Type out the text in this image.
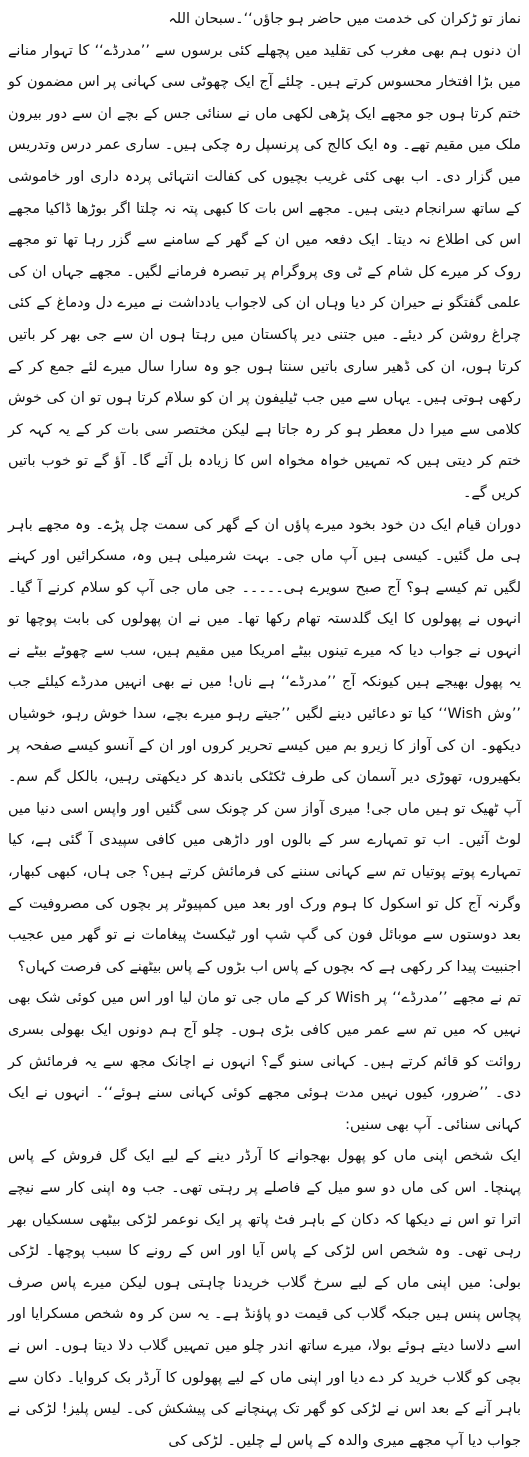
نماز تو ڑکران کی خدمت میں حاضر ہو جاؤں‘‘۔سبحان اللہ

ان دنوں ہم بھی مغرب کی تقلید میں پچھلے کئی برسوں سے ’’مدرڈے‘‘ کا تہوار منانے میں بڑا افتخار محسوس کرتے ہیں۔ چلئے آج ایک چھوٹی سی کہانی پر اس مضمون کو ختم کرتا ہوں جو مجھے ایک پڑھی لکھی ماں نے سنائی جس کے بچے ان سے دور بیرون ملک میں مقیم تھے۔ وہ ایک کالج کی پرنسپل رہ چکی ہیں۔ ساری عمر درس وتدریس میں گزار دی۔ اب بھی کئی غریب بچیوں کی کفالت انتہائی پردہ داری اور خاموشی کے ساتھ سرانجام دیتی ہیں۔ مجھے اس بات کا کبھی پتہ نہ چلتا اگر بوڑھا ڈاکیا مجھے اس کی اطلاع نہ دیتا۔ ایک دفعہ میں ان کے گھر کے سامنے سے گزر رہا تھا تو مجھے روک کر میرے کل شام کے ٹی وی پروگرام پر تبصرہ فرمانے لگیں۔ مجھے جہاں ان کی علمی گفتگو نے حیران کر دیا وہاں ان کی لاجواب یادداشت نے میرے دل ودماغ کے کئی چراغ روشن کر دیئے۔ میں جتنی دیر پاکستان میں رہتا ہوں ان سے جی بھر کر باتیں کرتا ہوں، ان کی ڈھیر ساری باتیں سنتا ہوں جو وہ سارا سال میرے لئے جمع کر کے رکھی ہوتی ہیں۔ یہاں سے میں جب ٹیلیفون پر ان کو سلام کرتا ہوں تو ان کی خوش کلامی سے میرا دل معطر ہو کر رہ جاتا ہے لیکن مختصر سی بات کر کے یہ کہہ کر ختم کر دیتی ہیں کہ تمہیں خواہ مخواہ اس کا زیادہ بل آئے گا۔ آؤ گے تو خوب باتیں کریں گے۔

دوران قیام ایک دن خود بخود میرے پاؤں ان کے گھر کی سمت چل پڑے۔ وہ مجھے باہر ہی مل گئیں۔ کیسی ہیں آپ ماں جی۔ بہت شرمیلی ہیں وہ، مسکرائیں اور کہنے لگیں تم کیسے ہو؟ آج صبح سویرے ہی۔۔۔۔۔ جی ماں جی آپ کو سلام کرنے آ گیا۔ انہوں نے پھولوں کا ایک گلدستہ تھام رکھا تھا۔ میں نے ان پھولوں کی بابت پوچھا تو انہوں نے جواب دیا کہ میرے تینوں بیٹے امریکا میں مقیم ہیں، سب سے چھوٹے بیٹے نے یہ پھول بھیجے ہیں کیونکہ آج ’’مدرڈے‘‘ ہے ناں! میں نے بھی انہیں مدرڈے کیلئے جب ’’وش Wish‘‘ کیا تو دعائیں دینے لگیں ’’جیتے رہو میرے بچے، سدا خوش رہو، خوشیاں دیکھو۔ ان کی آواز کا زیرو بم میں کیسے تحریر کروں اور ان کے آنسو کیسے صفحہ پر بکھیروں، تھوڑی دیر آسمان کی طرف ٹکٹکی باندھ کر دیکھتی رہیں، بالکل گم سم۔ آپ ٹھیک تو ہیں ماں جی! میری آواز سن کر چونک سی گئیں اور واپس اسی دنیا میں لوٹ آئیں۔ اب تو تمہارے سر کے بالوں اور داڑھی میں کافی سپیدی آ گئی ہے، کیا تمہارے پوتے پوتیاں تم سے کہانی سننے کی فرمائش کرتے ہیں؟ جی ہاں، کبھی کبھار، وگرنہ آج کل تو اسکول کا ہوم ورک اور بعد میں کمپیوٹر پر بچوں کی مصروفیت کے بعد دوستوں سے موبائل فون کی گپ شپ اور ٹیکسٹ پیغامات نے تو گھر میں عجیب اجنبیت پیدا کر رکھی ہے کہ بچوں کے پاس اب بڑوں کے پاس بیٹھنے کی فرصت کہاں؟

تم نے مجھے ’’مدرڈے‘‘ پر Wish کر کے ماں جی تو مان لیا اور اس میں کوئی شک بھی نہیں کہ میں تم سے عمر میں کافی بڑی ہوں۔ چلو آج ہم دونوں ایک بھولی بسری روائت کو قائم کرتے ہیں۔ کہانی سنو گے؟ انہوں نے اچانک مجھ سے یہ فرمائش کر دی۔ ’’ضرور، کیوں نہیں مدت ہوئی مجھے کوئی کہانی سنے ہوئے‘‘۔ انہوں نے ایک کہانی سنائی۔ آپ بھی سنیں:

ایک شخص اپنی ماں کو پھول بھجوانے کا آرڈر دینے کے لیے ایک گل فروش کے پاس پہنچا۔ اس کی ماں دو سو میل کے فاصلے پر رہتی تھی۔ جب وہ اپنی کار سے نیچے اترا تو اس نے دیکھا کہ دکان کے باہر فٹ پاتھ پر ایک نوعمر لڑکی بیٹھی سسکیاں بھر رہی تھی۔ وہ شخص اس لڑکی کے پاس آیا اور اس کے رونے کا سبب پوچھا۔ لڑکی بولی: میں اپنی ماں کے لیے سرخ گلاب خریدنا چاہتی ہوں لیکن میرے پاس صرف پچاس پنس ہیں جبکہ گلاب کی قیمت دو پاؤنڈ ہے۔ یہ سن کر وہ شخص مسکرایا اور اسے دلاسا دیتے ہوئے بولا، میرے ساتھ اندر چلو میں تمہیں گلاب دلا دیتا ہوں۔ اس نے بچی کو گلاب خرید کر دے دیا اور اپنی ماں کے لیے پھولوں کا آرڈر بک کروایا۔ دکان سے باہر آنے کے بعد اس نے لڑکی کو گھر تک پہنچانے کی پیشکش کی۔ لیس پلیز! لڑکی نے جواب دیا آپ مجھے میری والدہ کے پاس لے چلیں۔ لڑکی کی
